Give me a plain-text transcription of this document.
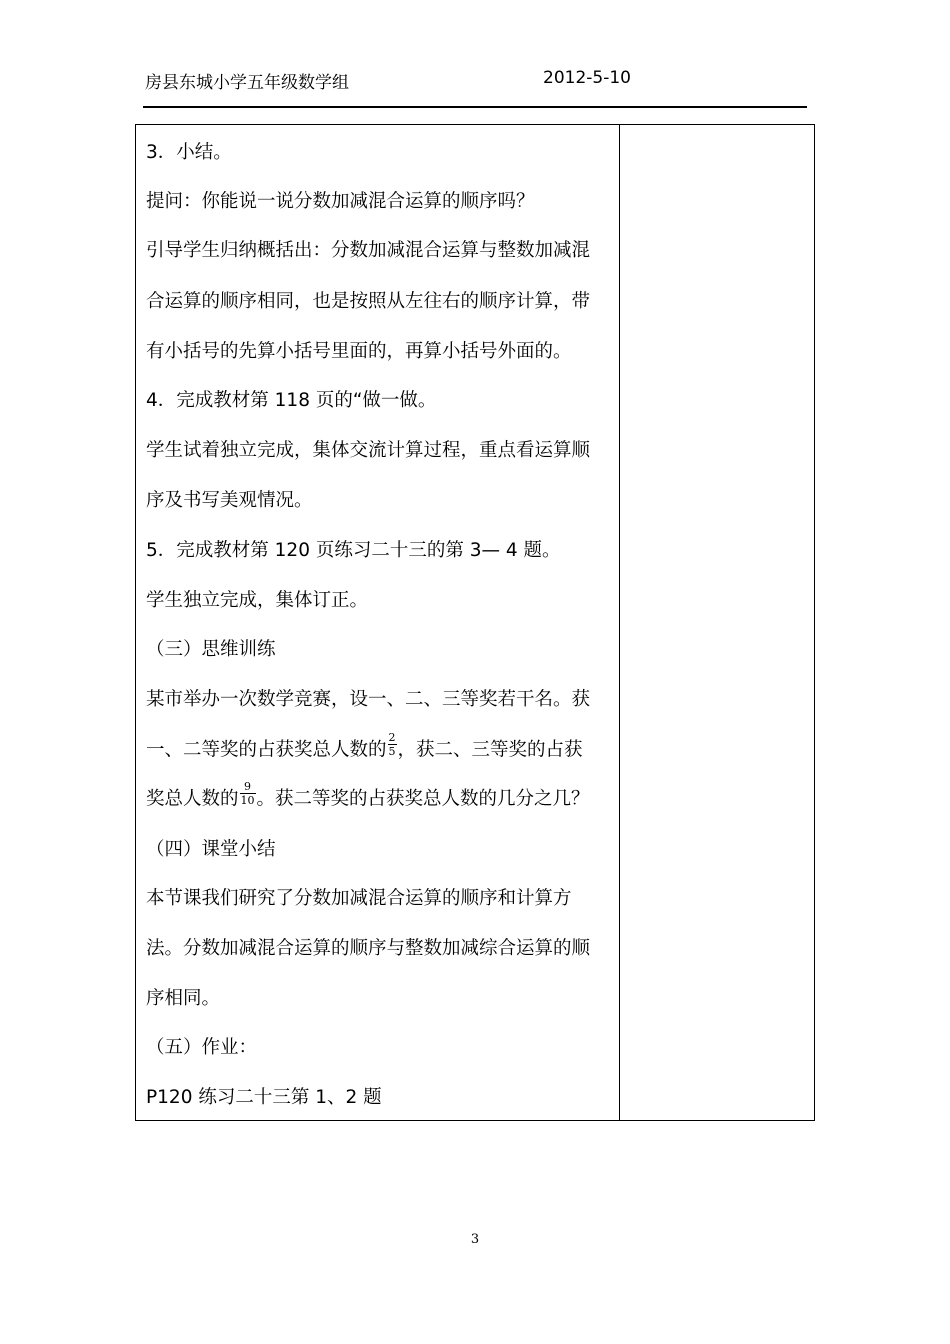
房县东城小学五年级数学组	2012-5-10
3．小结。
提问：你能说一说分数加减混合运算的顺序吗？
引导学生归纳概括出：分数加减混合运算与整数加减混
合运算的顺序相同，也是按照从左往右的顺序计算，带
有小括号的先算小括号里面的，再算小括号外面的。
4．完成教材第 118 页的“做一做。
学生试着独立完成，集体交流计算过程，重点看运算顺
序及书写美观情况。
5．完成教材第 120 页练习二十三的第 3— 4 题。
学生独立完成，集体订正。
（三）思维训练
某市举办一次数学竞赛，设一、二、三等奖若干名。获
一、二等奖的占获奖总人数的 $\frac{2}{5}$ ，获二、三等奖的占获
奖总人数的 $\frac{9}{10}$ 。获二等奖的占获奖总人数的几分之几？
（四）课堂小结
本节课我们研究了分数加减混合运算的顺序和计算方
法。分数加减混合运算的顺序与整数加减综合运算的顺
序相同。
（五）作业：
P120 练习二十三第 1、2 题
3
